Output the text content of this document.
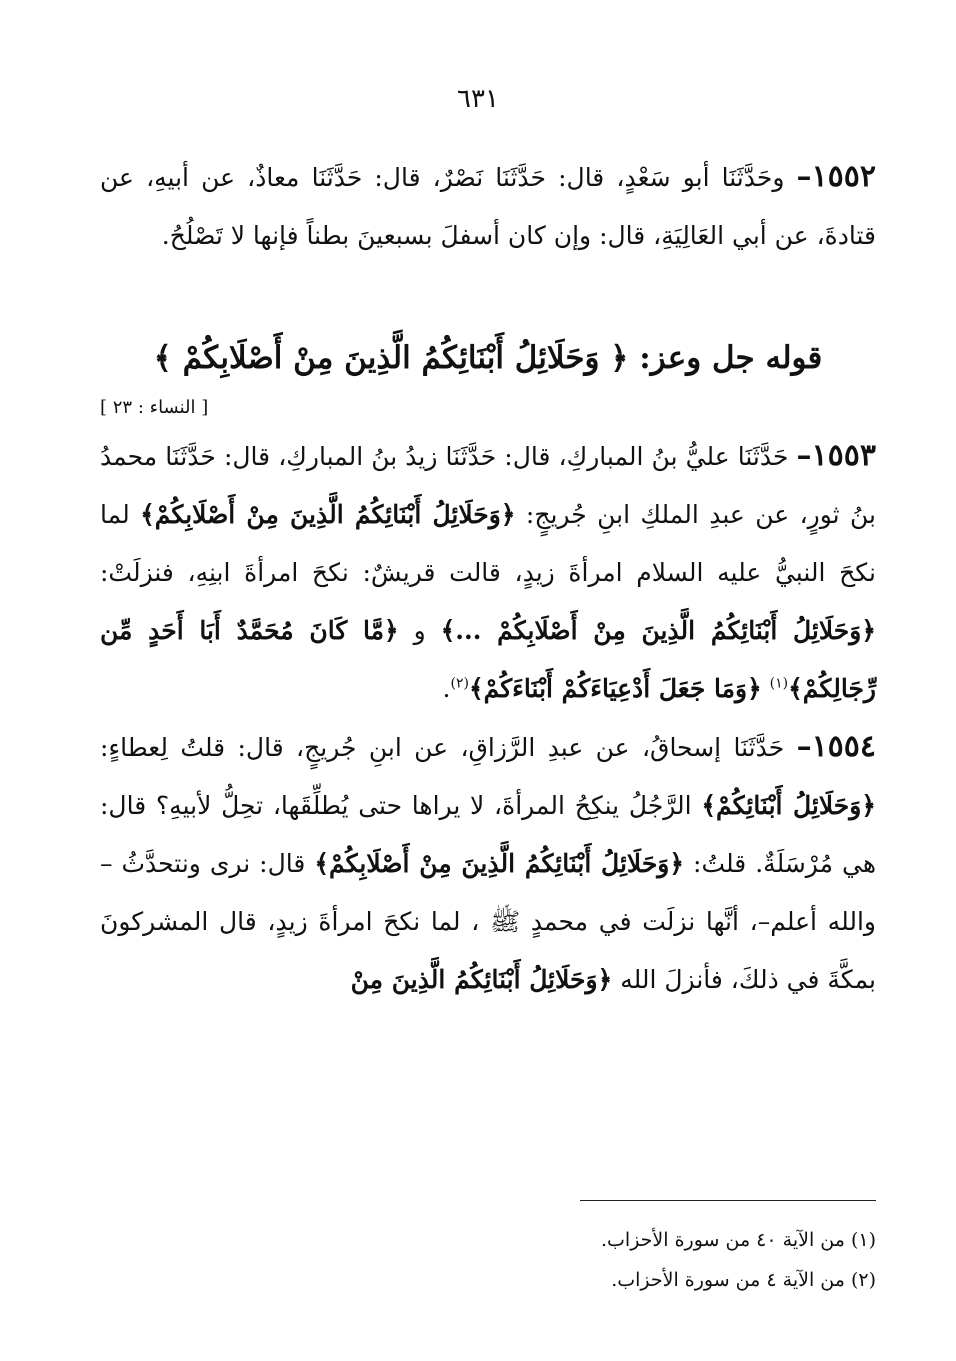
٦٣١

١٥٥٢– وحَدَّثَنَا أبو سَعْدٍ، قال: حَدَّثَنَا نَصْرٌ، قال: حَدَّثَنَا معاذٌ، عن أبيهِ، عن قتادةَ، عن أبي العَالِيَةِ، قال: وإن كان أسفلَ بسبعينَ بطناً فإنها لا تَصْلُحُ.

قوله جل وعز: ﴿ وَحَلَائِلُ أَبْنَائِكُمُ الَّذِينَ مِنْ أَصْلَابِكُمْ ﴾

[ النساء : ٢٣ ]

١٥٥٣– حَدَّثَنَا عليُّ بنُ المباركِ، قال: حَدَّثَنَا زيدُ بنُ المباركِ، قال: حَدَّثَنَا محمدُ بنُ ثورٍ، عن عبدِ الملكِ ابنِ جُريجٍ: ﴿وَحَلَائِلُ أَبْنَائِكُمُ الَّذِينَ مِنْ أَصْلَابِكُمْ﴾ لما نكحَ النبيُّ عليه السلام امرأةَ زيدٍ، قالت قريشٌ: نكحَ امرأةَ ابنِهِ، فنزلَتْ: ﴿وَحَلَائِلُ أَبْنَائِكُمُ الَّذِينَ مِنْ أَصْلَابِكُمْ ...﴾ و ﴿مَّا كَانَ مُحَمَّدٌ أَبَا أَحَدٍ مِّن رِّجَالِكُمْ﴾$^{(١)}$ ﴿وَمَا جَعَلَ أَدْعِيَاءَكُمْ أَبْنَاءَكُمْ﴾$^{(٢)}$.

١٥٥٤– حَدَّثَنَا إسحاقُ، عن عبدِ الرَّزاقِ، عن ابنِ جُريجٍ، قال: قلتُ لِعطاءٍ: ﴿وَحَلَائِلُ أَبْنَائِكُمْ﴾ الرَّجُلُ ينكِحُ المرأةَ، لا يراها حتى يُطلِّقَها، تحِلُّ لأبيهِ؟ قال: هي مُرْسَلَةٌ. قلتُ: ﴿وَحَلَائِلُ أَبْنَائِكُمُ الَّذِينَ مِنْ أَصْلَابِكُمْ﴾ قال: نرى ونتحدَّثُ –والله أعلم–، أنَّها نزلَت في محمدٍ ﷺ ، لما نكحَ امرأةَ زيدٍ، قال المشركونَ بمكَّةَ في ذلكَ، فأنزلَ الله ﴿وَحَلَائِلُ أَبْنَائِكُمُ الَّذِينَ مِنْ

(١) من الآية ٤٠ من سورة الأحزاب.

(٢) من الآية ٤ من سورة الأحزاب.
